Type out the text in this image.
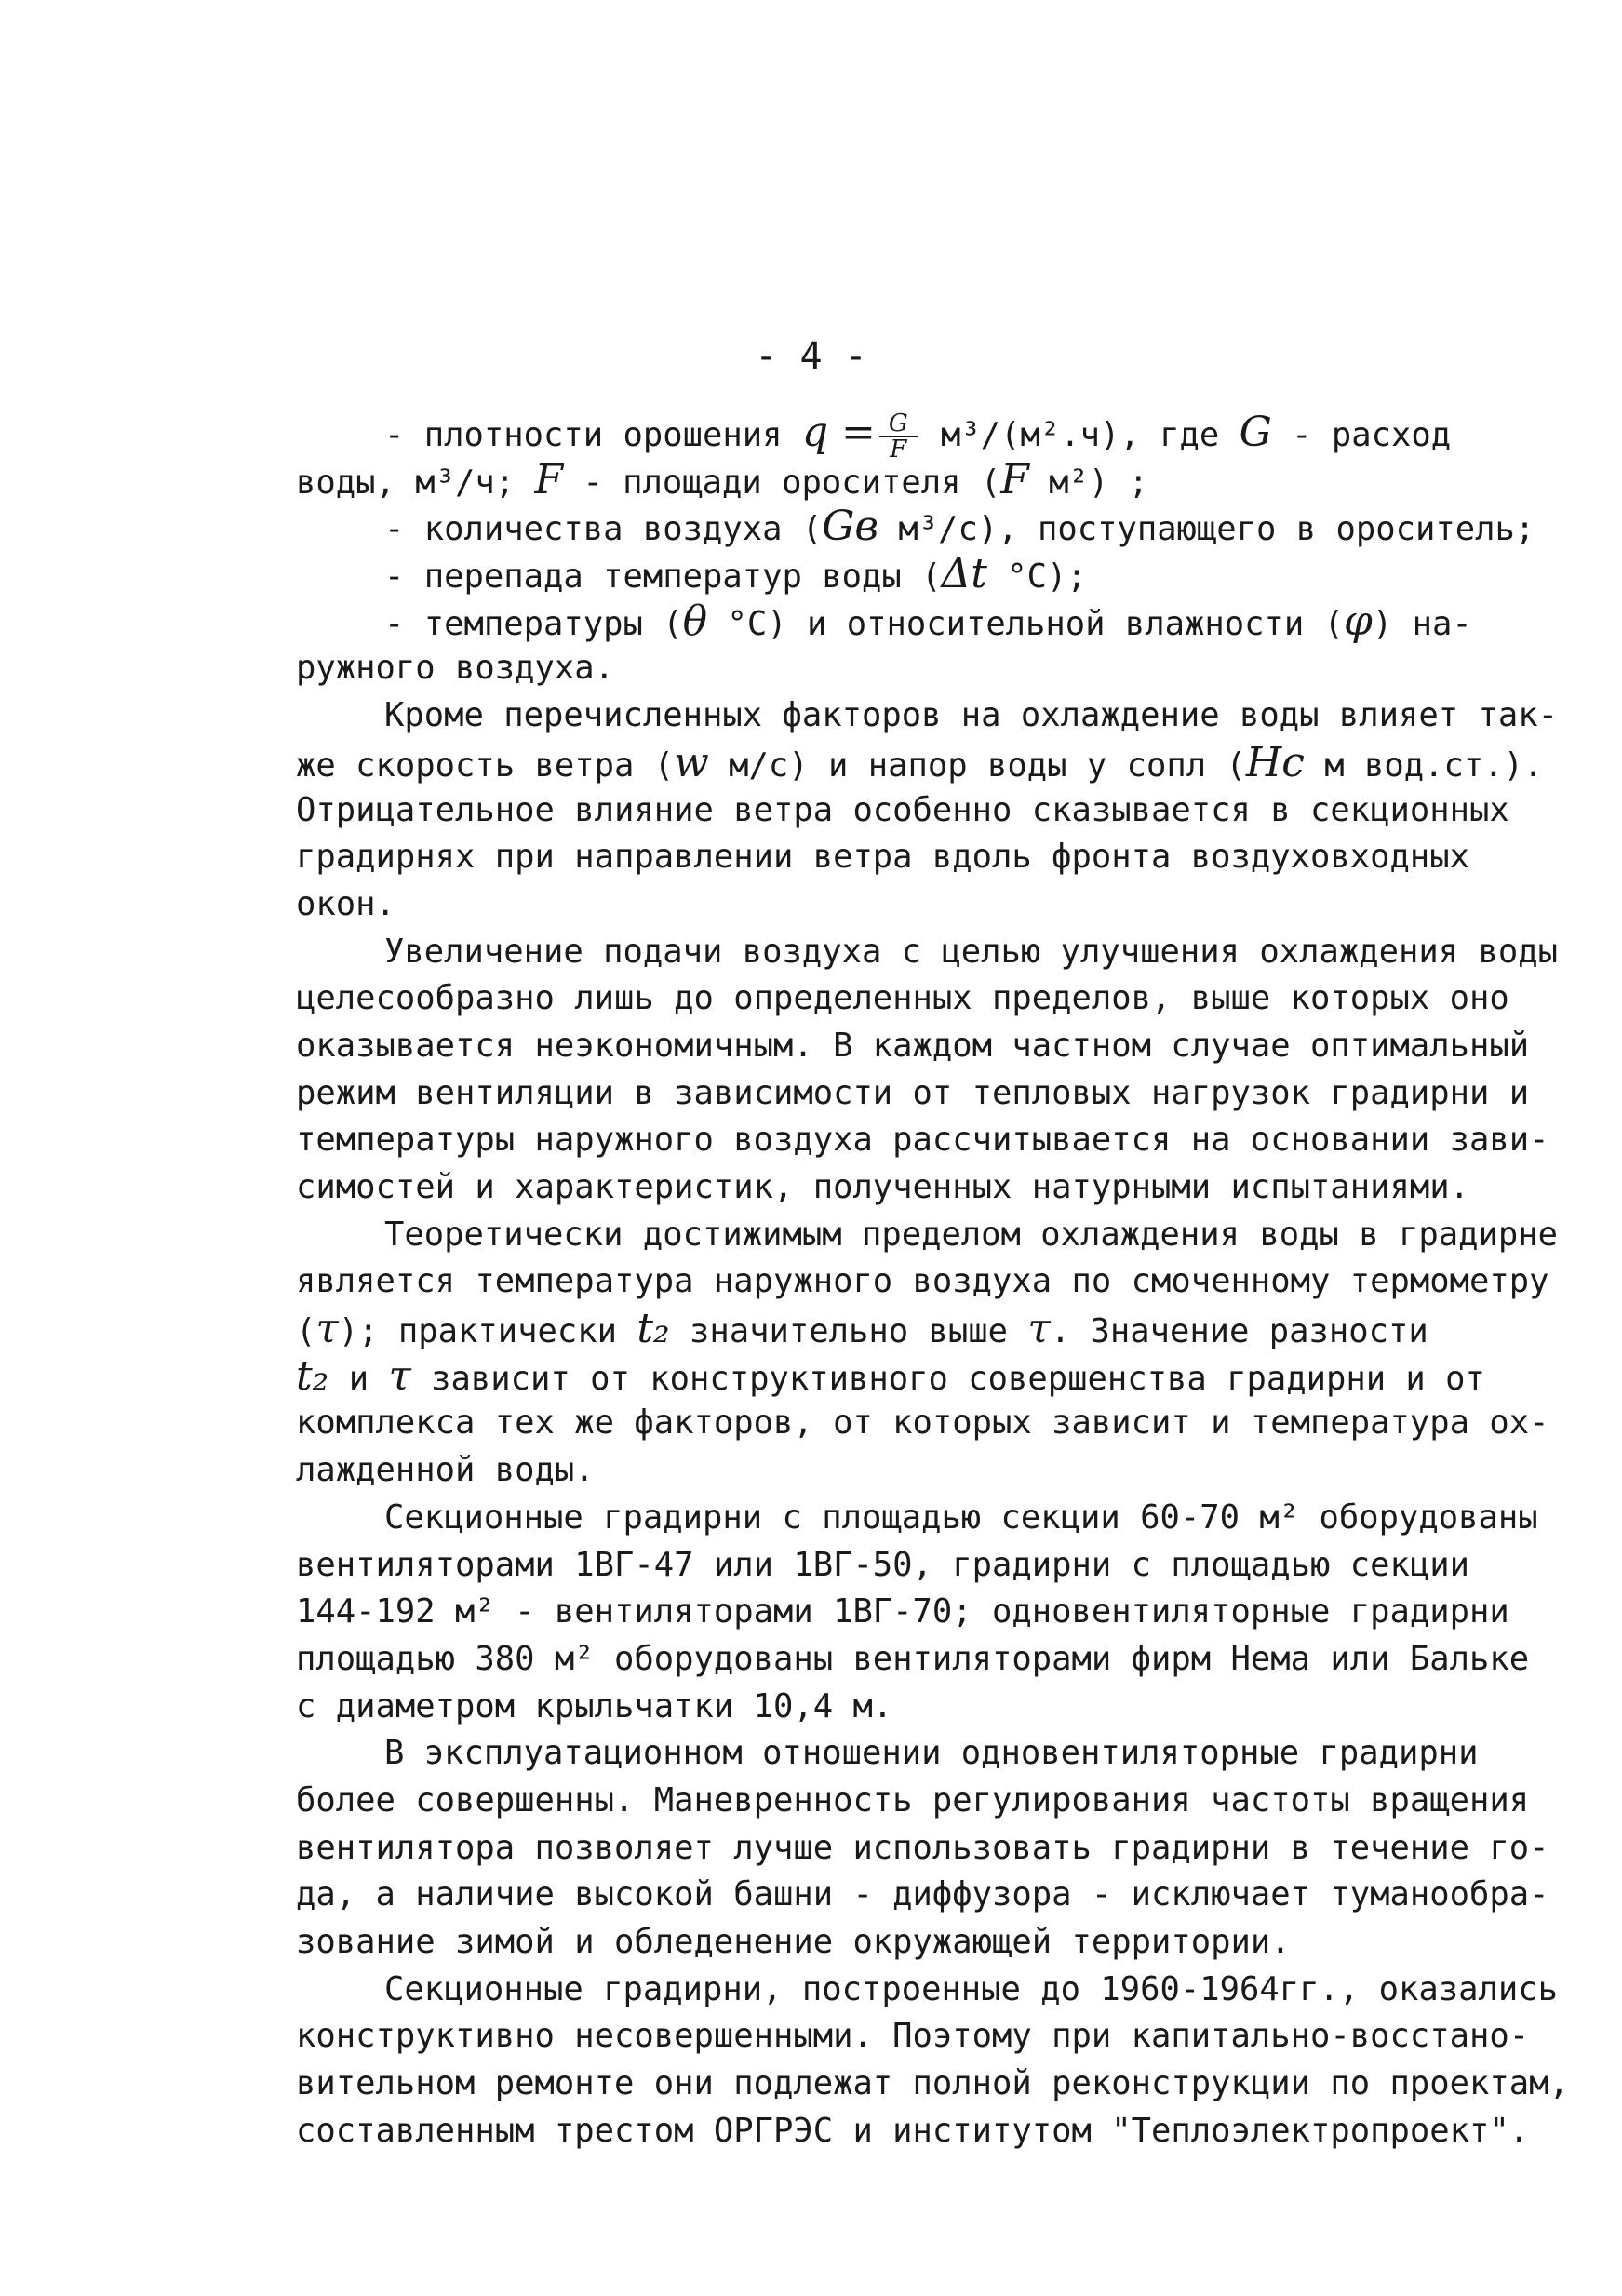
- 4 -
- плотности орошения $q = \frac{G}{F} м^3/(м^2.ч)$, где G - расход
воды, м³/ч; F - площади оросителя (F м²) ;
- количества воздуха (Gв м³/с), поступающего в ороситель;
- перепада температур воды (Δt °С);
- температуры (θ °С) и относительной влажности (φ) на-
ружного воздуха.
Кроме перечисленных факторов на охлаждение воды влияет так-
же скорость ветра (w м/с) и напор воды у сопл (Hс м вод.ст.).
Отрицательное влияние ветра особенно сказывается в секционных
градирнях при направлении ветра вдоль фронта воздуховходных
окон.
Увеличение подачи воздуха с целью улучшения охлаждения воды
целесообразно лишь до определенных пределов, выше которых оно
оказывается неэкономичным. В каждом частном случае оптимальный
режим вентиляции в зависимости от тепловых нагрузок градирни и
температуры наружного воздуха рассчитывается на основании зави-
симостей и характеристик, полученных натурными испытаниями.
Теоретически достижимым пределом охлаждения воды в градирне
является температура наружного воздуха по смоченному термометру
(τ); практически t₂ значительно выше τ. Значение разности
t₂ и τ зависит от конструктивного совершенства градирни и от
комплекса тех же факторов, от которых зависит и температура ох-
лажденной воды.
Секционные градирни с площадью секции 60-70 м² оборудованы
вентиляторами 1ВГ-47 или 1ВГ-50, градирни с площадью секции
144-192 м² - вентиляторами 1ВГ-70; одновентиляторные градирни
площадью 380 м² оборудованы вентиляторами фирм Нема или Бальке
с диаметром крыльчатки 10,4 м.
В эксплуатационном отношении одновентиляторные градирни
более совершенны. Маневренность регулирования частоты вращения
вентилятора позволяет лучше использовать градирни в течение го-
да, а наличие высокой башни - диффузора - исключает туманообра-
зование зимой и обледенение окружающей территории.
Секционные градирни, построенные до 1960-1964гг., оказались
конструктивно несовершенными. Поэтому при капитально-восстано-
вительном ремонте они подлежат полной реконструкции по проектам,
составленным трестом ОРГРЭС и институтом "Теплоэлектропроект".
